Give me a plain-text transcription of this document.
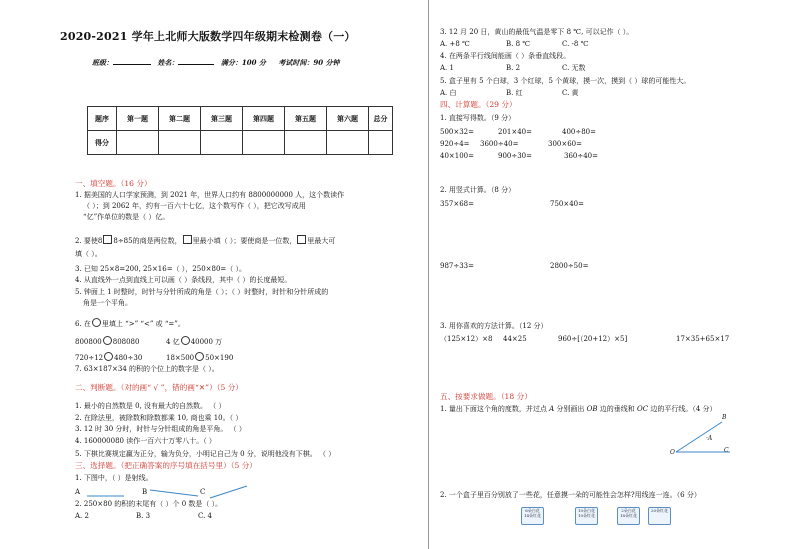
2020-2021 学年上北师大版数学四年级期末检测卷（一）
班级：	姓名：	满分：100 分 考试时间：90 分钟
题序	第一题	第二题	第三题	第四题	第五题	第六题	总分
得分							
一、填空题。（16 分）
1. 据美国的人口学家预测，到 2021 年，世界人口约有 8800000000 人，这个数读作
（ ）；到 2062 年，约有一百六十七亿，这个数写作（ ），把它改写成用
“亿”作单位的数是（ ）亿。
2. 要使8 8÷85的商是两位数， 里最小填（ ）；要使商是一位数， 里最大可
填（ ）。
3. 已知 25×8=200, 25×16=（ ），250×80=（ ）。
4. 从直线外一点到直线上可以画（ ）条线段，其中（ ）的长度最短。
5. 钟面上 1 时整时，时针与分针所成的角是（ ）；（ ）时整时，时针和分针所成的
角是一个平角。
6. 在 里填上 “>” “<” 或 “=”。
800800 808080	4 亿 40000 万
720÷12 480÷30	18×500 50×190
7. 63×187×34 的积的个位上的数字是（ ）。
二、判断题。（对的画“ √ ”，错的画“✕”）（5 分）
1. 最小的自然数是 0, 没有最大的自然数。 （ ）
2. 在除法里，被除数和除数都乘 10, 商也乘 10。（ ）
3. 12 时 30 分时，时针与分针组成的角是平角。 （ ）
4. 160000080 读作一百六十万零八十。（ ）
5. 下棋比赛规定赢为正分，输为负分，小明记自己为 0 分，说明他没有下棋。 （ ）
三、选择题。（把正确答案的序号填在括号里）（5 分）
1. 下图中，（ ）是射线。
A	B	C
2. 250×80 的积的末尾有（ ）个 0 数是（ ）。
A. 2	B. 3	C. 4
3. 12 月 20 日，黄山的最低气温是零下 8 ℃, 可以记作（ ）。
A. +8 ℃	B. 8 ℃	C. -8 ℃
4. 在两条平行线间能画（ ）条垂直线段。
A. 1	B. 2	C. 无数
5. 盒子里有 5 个白球，3 个红球，5 个黄球，摸一次，摸到（ ）球的可能性大。
A. 白	B. 红	C. 黄
四、计算题。（29 分）
1. 直接写得数。（9 分）
500×32=	201×40=	400÷80=
920÷4= 3600÷40=	300×60=
40×100=	900÷30=	360÷40=
2. 用竖式计算。（8 分）
357×68=	750×40=
987÷33=	2800÷50=
3. 用你喜欢的方法计算。（12 分）
（125×12）×8 44×25	960÷[（20+12）×5]	17×35+65×17
五、按要求做题。（18 分）
1. 量出下面这个角的度数，并过点 A 分别画出 OB 边的垂线和 OC 边的平行线。（4 分）
O	C
·A
B
2. 一个盒子里百分别放了一些花，任意摸一朵的可能性会怎样?用线连一连。（6 分）
6朵白花
14朵红花
10朵白花
10朵红花
2朵白花
18朵红花
20朵红花
